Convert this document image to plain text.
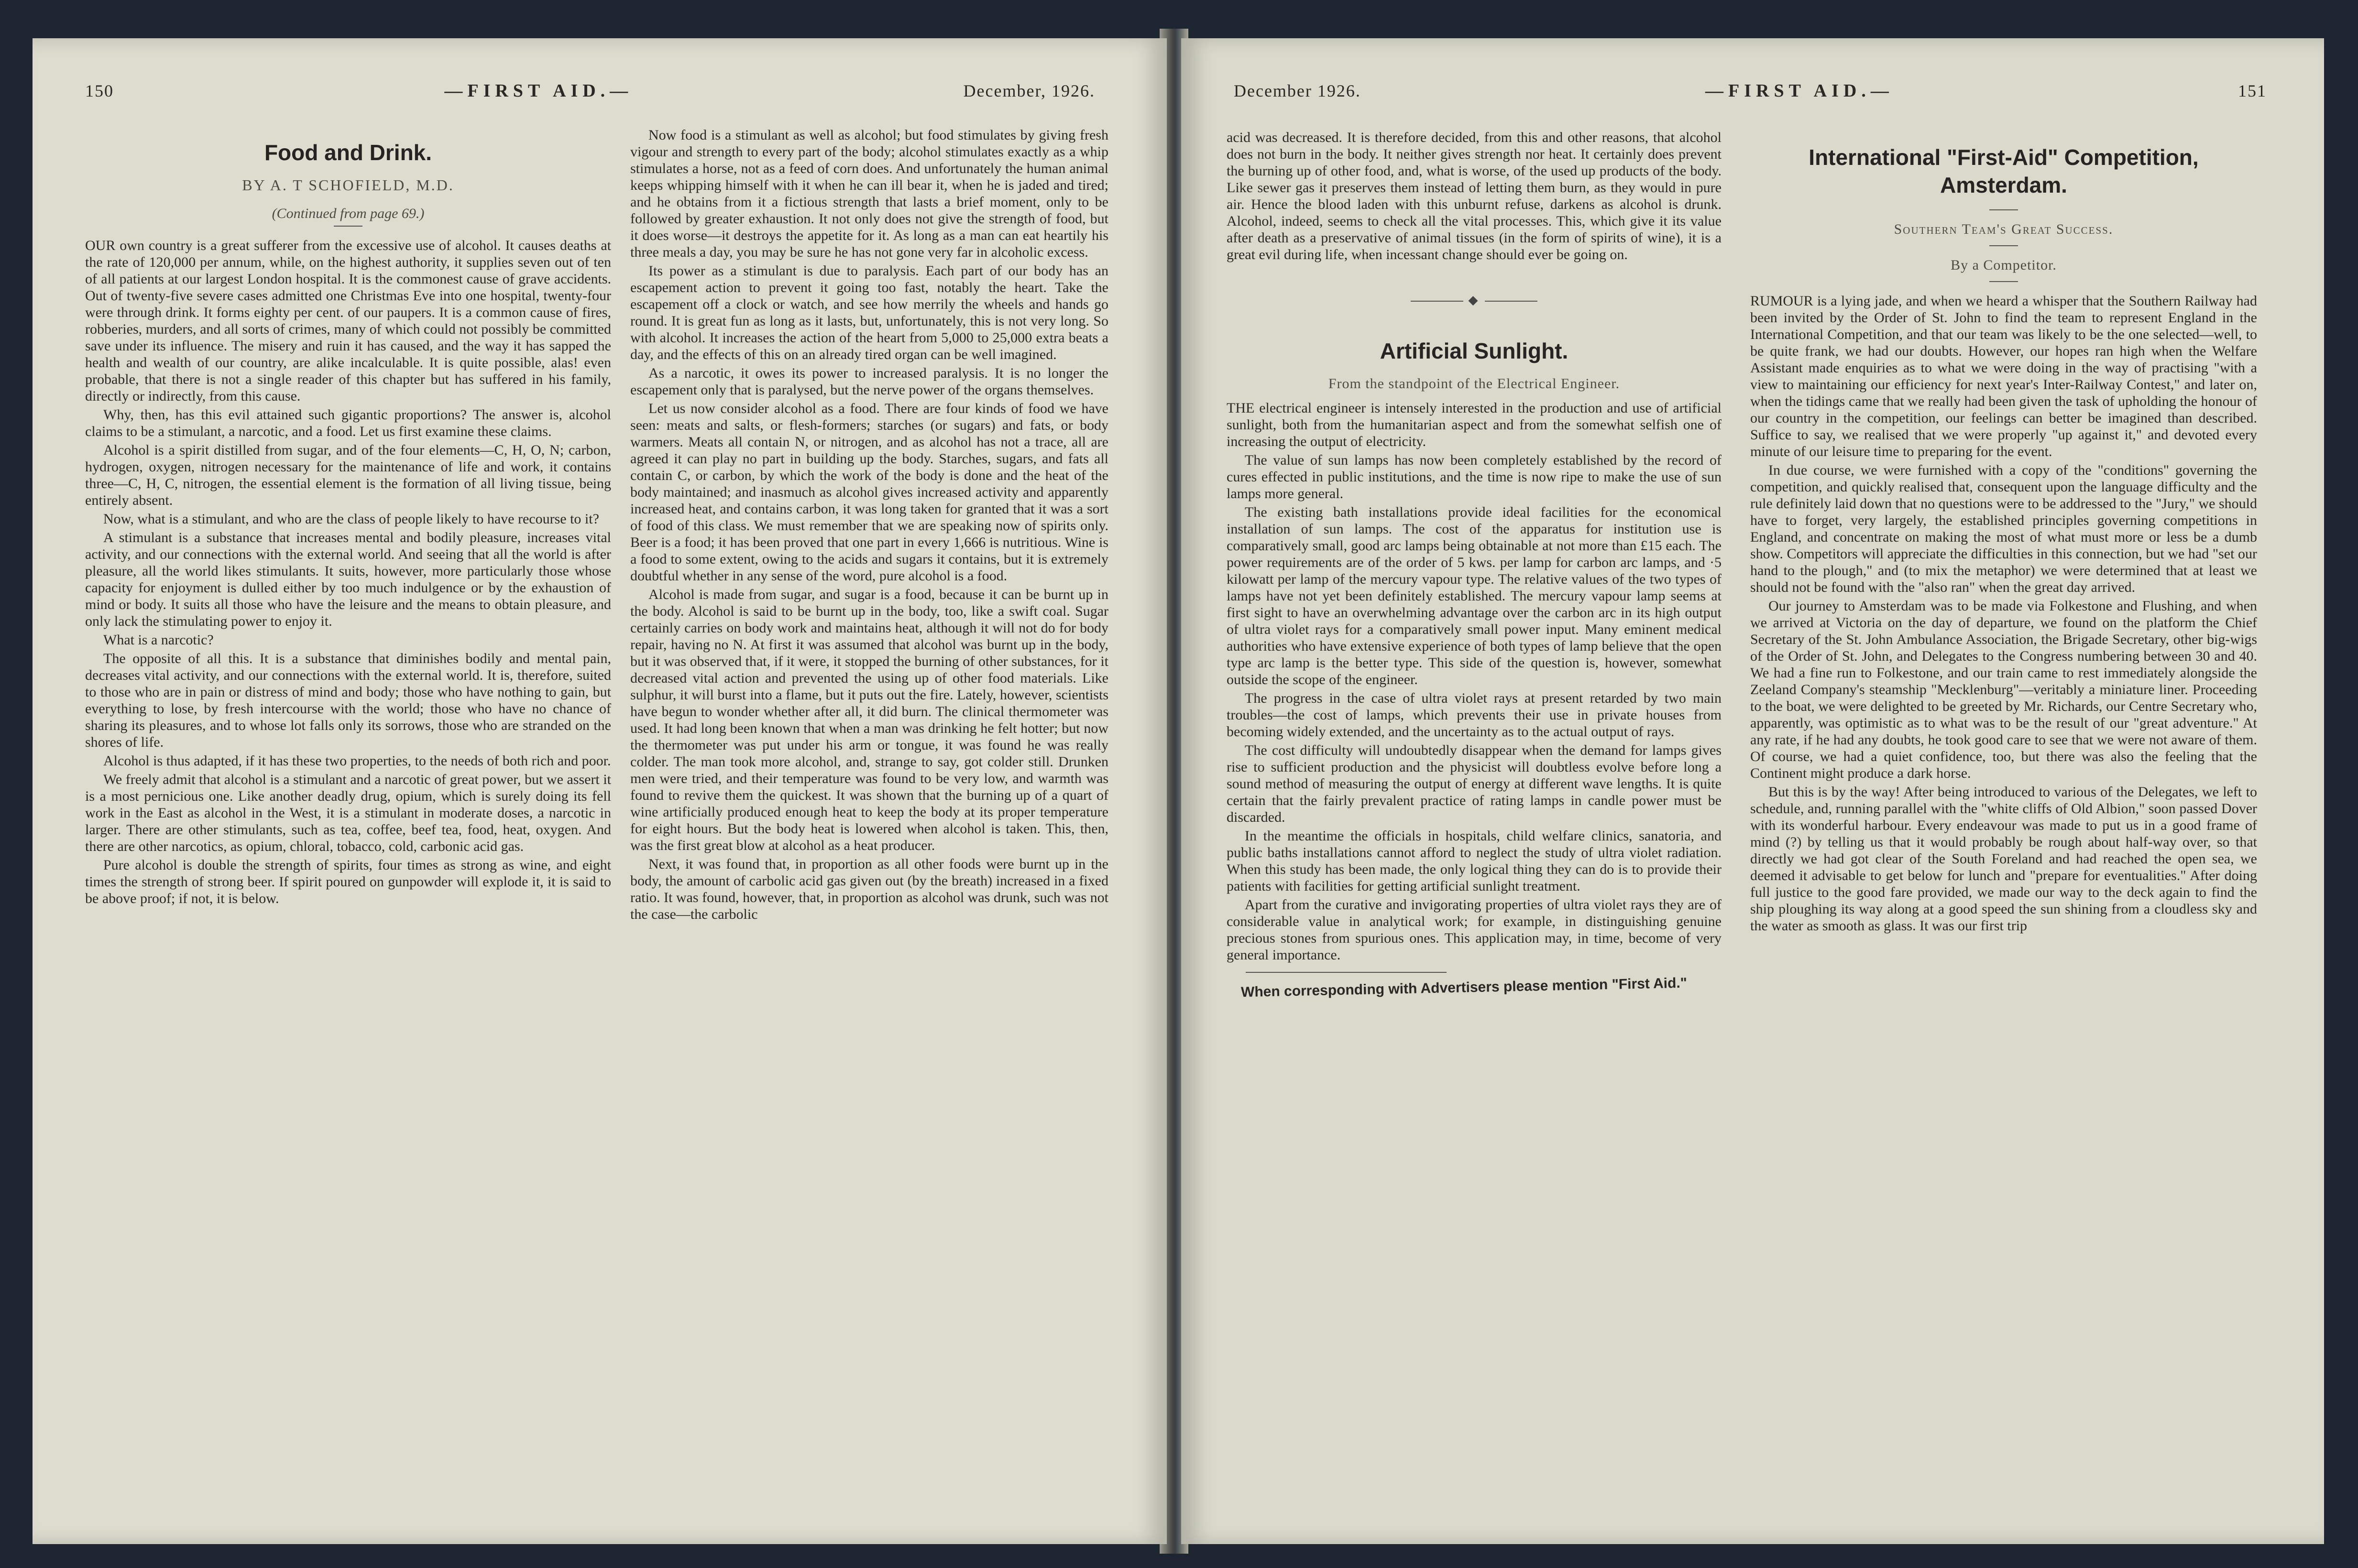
150	—FIRST AID.—	December, 1926.
Food and Drink.
BY A. T SCHOFIELD, M.D.
(Continued from page 69.)

OUR own country is a great sufferer from the excessive use of alcohol. It causes deaths at the rate of 120,000 per annum, while, on the highest authority, it supplies seven out of ten of all patients at our largest London hospital. It is the commonest cause of grave accidents. Out of twenty-five severe cases admitted one Christmas Eve into one hospital, twenty-four were through drink. It forms eighty per cent. of our paupers. It is a common cause of fires, robberies, murders, and all sorts of crimes, many of which could not possibly be committed save under its influence. The misery and ruin it has caused, and the way it has sapped the health and wealth of our country, are alike incalculable. It is quite possible, alas! even probable, that there is not a single reader of this chapter but has suffered in his family, directly or indirectly, from this cause.

Why, then, has this evil attained such gigantic proportions? The answer is, alcohol claims to be a stimulant, a narcotic, and a food. Let us first examine these claims.

Alcohol is a spirit distilled from sugar, and of the four elements—C, H, O, N; carbon, hydrogen, oxygen, nitrogen necessary for the maintenance of life and work, it contains three—C, H, C, nitrogen, the essential element is the formation of all living tissue, being entirely absent.

Now, what is a stimulant, and who are the class of people likely to have recourse to it?

A stimulant is a substance that increases mental and bodily pleasure, increases vital activity, and our connections with the external world. And seeing that all the world is after pleasure, all the world likes stimulants. It suits, however, more particularly those whose capacity for enjoyment is dulled either by too much indulgence or by the exhaustion of mind or body. It suits all those who have the leisure and the means to obtain pleasure, and only lack the stimulating power to enjoy it.

What is a narcotic?

The opposite of all this. It is a substance that diminishes bodily and mental pain, decreases vital activity, and our connections with the external world. It is, therefore, suited to those who are in pain or distress of mind and body; those who have nothing to gain, but everything to lose, by fresh intercourse with the world; those who have no chance of sharing its pleasures, and to whose lot falls only its sorrows, those who are stranded on the shores of life.

Alcohol is thus adapted, if it has these two properties, to the needs of both rich and poor.

We freely admit that alcohol is a stimulant and a narcotic of great power, but we assert it is a most pernicious one. Like another deadly drug, opium, which is surely doing its fell work in the East as alcohol in the West, it is a stimulant in moderate doses, a narcotic in larger. There are other stimulants, such as tea, coffee, beef tea, food, heat, oxygen. And there are other narcotics, as opium, chloral, tobacco, cold, carbonic acid gas.

Pure alcohol is double the strength of spirits, four times as strong as wine, and eight times the strength of strong beer. If spirit poured on gunpowder will explode it, it is said to be above proof; if not, it is below.

Now food is a stimulant as well as alcohol; but food stimulates by giving fresh vigour and strength to every part of the body; alcohol stimulates exactly as a whip stimulates a horse, not as a feed of corn does. And unfortunately the human animal keeps whipping himself with it when he can ill bear it, when he is jaded and tired; and he obtains from it a fictious strength that lasts a brief moment, only to be followed by greater exhaustion. It not only does not give the strength of food, but it does worse—it destroys the appetite for it. As long as a man can eat heartily his three meals a day, you may be sure he has not gone very far in alcoholic excess.

Its power as a stimulant is due to paralysis. Each part of our body has an escapement action to prevent it going too fast, notably the heart. Take the escapement off a clock or watch, and see how merrily the wheels and hands go round. It is great fun as long as it lasts, but, unfortunately, this is not very long. So with alcohol. It increases the action of the heart from 5,000 to 25,000 extra beats a day, and the effects of this on an already tired organ can be well imagined.

As a narcotic, it owes its power to increased paralysis. It is no longer the escapement only that is paralysed, but the nerve power of the organs themselves.

Let us now consider alcohol as a food. There are four kinds of food we have seen: meats and salts, or flesh-formers; starches (or sugars) and fats, or body warmers. Meats all contain N, or nitrogen, and as alcohol has not a trace, all are agreed it can play no part in building up the body. Starches, sugars, and fats all contain C, or carbon, by which the work of the body is done and the heat of the body maintained; and inasmuch as alcohol gives increased activity and apparently increased heat, and contains carbon, it was long taken for granted that it was a sort of food of this class. We must remember that we are speaking now of spirits only. Beer is a food; it has been proved that one part in every 1,666 is nutritious. Wine is a food to some extent, owing to the acids and sugars it contains, but it is extremely doubtful whether in any sense of the word, pure alcohol is a food.

Alcohol is made from sugar, and sugar is a food, because it can be burnt up in the body. Alcohol is said to be burnt up in the body, too, like a swift coal. Sugar certainly carries on body work and maintains heat, although it will not do for body repair, having no N. At first it was assumed that alcohol was burnt up in the body, but it was observed that, if it were, it stopped the burning of other substances, for it decreased vital action and prevented the using up of other food materials. Like sulphur, it will burst into a flame, but it puts out the fire. Lately, however, scientists have begun to wonder whether after all, it did burn. The clinical thermometer was used. It had long been known that when a man was drinking he felt hotter; but now the thermometer was put under his arm or tongue, it was found he was really colder. The man took more alcohol, and, strange to say, got colder still. Drunken men were tried, and their temperature was found to be very low, and warmth was found to revive them the quickest. It was shown that the burning up of a quart of wine artificially produced enough heat to keep the body at its proper temperature for eight hours. But the body heat is lowered when alcohol is taken. This, then, was the first great blow at alcohol as a heat producer.

Next, it was found that, in proportion as all other foods were burnt up in the body, the amount of carbolic acid gas given out (by the breath) increased in a fixed ratio. It was found, however, that, in proportion as alcohol was drunk, such was not the case—the carbolic

December 1926.	—FIRST AID.—	151

acid was decreased. It is therefore decided, from this and other reasons, that alcohol does not burn in the body. It neither gives strength nor heat. It certainly does prevent the burning up of other food, and, what is worse, of the used up products of the body. Like sewer gas it preserves them instead of letting them burn, as they would in pure air. Hence the blood laden with this unburnt refuse, darkens as alcohol is drunk. Alcohol, indeed, seems to check all the vital processes. This, which give it its value after death as a preservative of animal tissues (in the form of spirits of wine), it is a great evil during life, when incessant change should ever be going on.

◆
Artificial Sunlight.
From the standpoint of the Electrical Engineer.

THE electrical engineer is intensely interested in the production and use of artificial sunlight, both from the humanitarian aspect and from the somewhat selfish one of increasing the output of electricity.

The value of sun lamps has now been completely established by the record of cures effected in public institutions, and the time is now ripe to make the use of sun lamps more general.

The existing bath installations provide ideal facilities for the economical installation of sun lamps. The cost of the apparatus for institution use is comparatively small, good arc lamps being obtainable at not more than £15 each. The power requirements are of the order of 5 kws. per lamp for carbon arc lamps, and ·5 kilowatt per lamp of the mercury vapour type. The relative values of the two types of lamps have not yet been definitely established. The mercury vapour lamp seems at first sight to have an overwhelming advantage over the carbon arc in its high output of ultra violet rays for a comparatively small power input. Many eminent medical authorities who have extensive experience of both types of lamp believe that the open type arc lamp is the better type. This side of the question is, however, somewhat outside the scope of the engineer.

The progress in the case of ultra violet rays at present retarded by two main troubles—the cost of lamps, which prevents their use in private houses from becoming widely extended, and the uncertainty as to the actual output of rays.

The cost difficulty will undoubtedly disappear when the demand for lamps gives rise to sufficient production and the physicist will doubtless evolve before long a sound method of measuring the output of energy at different wave lengths. It is quite certain that the fairly prevalent practice of rating lamps in candle power must be discarded.

In the meantime the officials in hospitals, child welfare clinics, sanatoria, and public baths installations cannot afford to neglect the study of ultra violet radiation. When this study has been made, the only logical thing they can do is to provide their patients with facilities for getting artificial sunlight treatment.

Apart from the curative and invigorating properties of ultra violet rays they are of considerable value in analytical work; for example, in distinguishing genuine precious stones from spurious ones. This application may, in time, become of very general importance.

When corresponding with Advertisers please mention "First Aid."
International "First-Aid" Competition, Amsterdam.
Southern Team's Great Success.
By a Competitor.

RUMOUR is a lying jade, and when we heard a whisper that the Southern Railway had been invited by the Order of St. John to find the team to represent England in the International Competition, and that our team was likely to be the one selected—well, to be quite frank, we had our doubts. However, our hopes ran high when the Welfare Assistant made enquiries as to what we were doing in the way of practising "with a view to maintaining our efficiency for next year's Inter-Railway Contest," and later on, when the tidings came that we really had been given the task of upholding the honour of our country in the competition, our feelings can better be imagined than described. Suffice to say, we realised that we were properly "up against it," and devoted every minute of our leisure time to preparing for the event.

In due course, we were furnished with a copy of the "conditions" governing the competition, and quickly realised that, consequent upon the language difficulty and the rule definitely laid down that no questions were to be addressed to the "Jury," we should have to forget, very largely, the established principles governing competitions in England, and concentrate on making the most of what must more or less be a dumb show. Competitors will appreciate the difficulties in this connection, but we had "set our hand to the plough," and (to mix the metaphor) we were determined that at least we should not be found with the "also ran" when the great day arrived.

Our journey to Amsterdam was to be made via Folkestone and Flushing, and when we arrived at Victoria on the day of departure, we found on the platform the Chief Secretary of the St. John Ambulance Association, the Brigade Secretary, other big-wigs of the Order of St. John, and Delegates to the Congress numbering between 30 and 40. We had a fine run to Folkestone, and our train came to rest immediately alongside the Zeeland Company's steamship "Mecklenburg"—veritably a miniature liner. Proceeding to the boat, we were delighted to be greeted by Mr. Richards, our Centre Secretary who, apparently, was optimistic as to what was to be the result of our "great adventure." At any rate, if he had any doubts, he took good care to see that we were not aware of them. Of course, we had a quiet confidence, too, but there was also the feeling that the Continent might produce a dark horse.

But this is by the way! After being introduced to various of the Delegates, we left to schedule, and, running parallel with the "white cliffs of Old Albion," soon passed Dover with its wonderful harbour. Every endeavour was made to put us in a good frame of mind (?) by telling us that it would probably be rough about half-way over, so that directly we had got clear of the South Foreland and had reached the open sea, we deemed it advisable to get below for lunch and "prepare for eventualities." After doing full justice to the good fare provided, we made our way to the deck again to find the ship ploughing its way along at a good speed the sun shining from a cloudless sky and the water as smooth as glass. It was our first trip
